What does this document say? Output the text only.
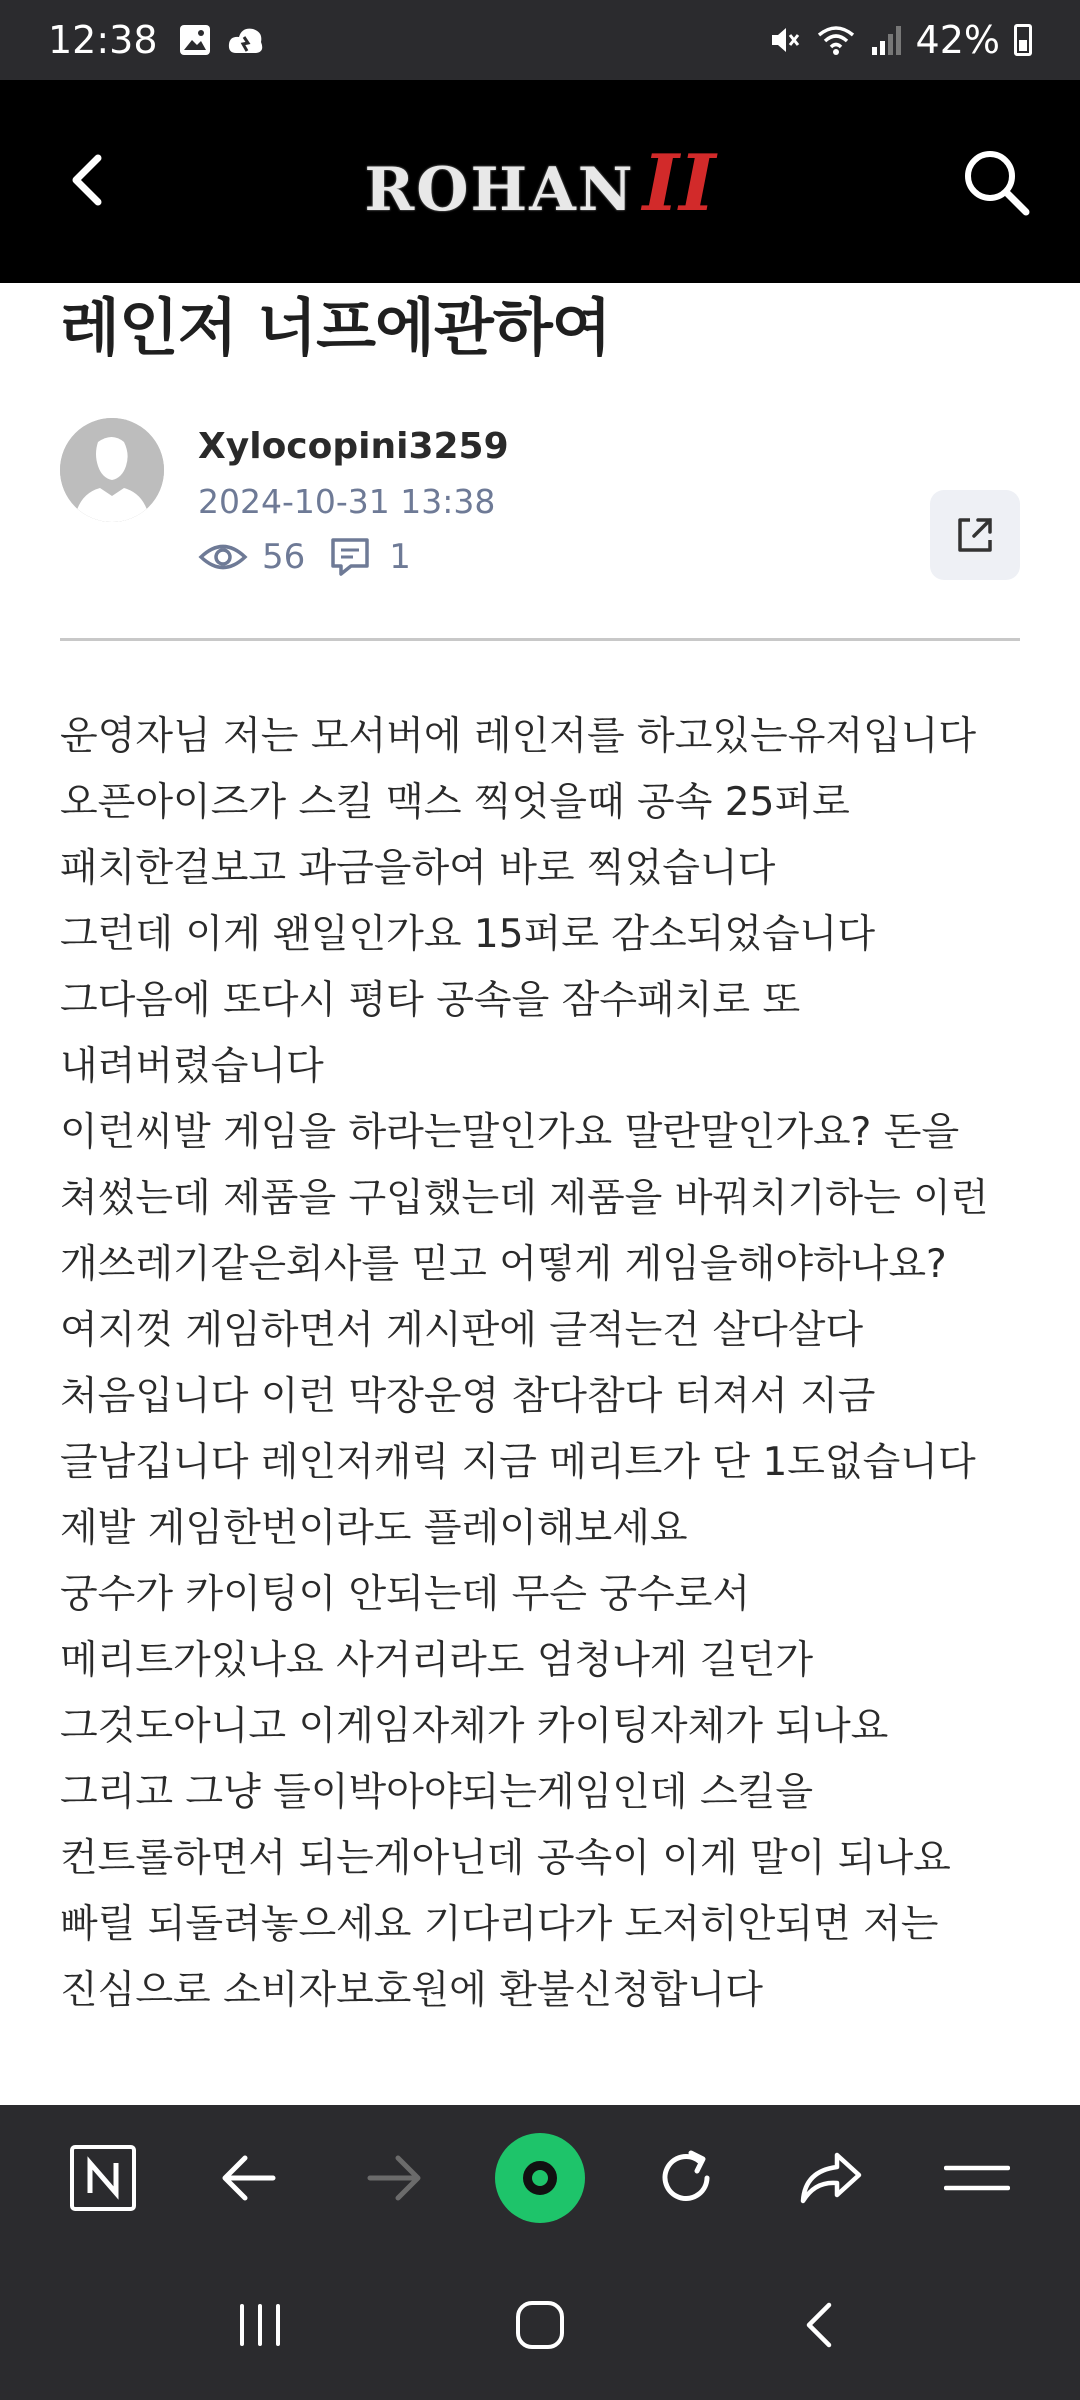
12:38	42%
ROHAN II
레인저 너프에관하여
Xylocopini3259
2024-10-31 13:38
56 1
운영자님 저는 모서버에 레인저를 하고있는유저입니다
오픈아이즈가 스킬 맥스 찍엇을때 공속 25퍼로
패치한걸보고 과금을하여 바로 찍었습니다
그런데 이게 왠일인가요 15퍼로 감소되었습니다
그다음에 또다시 평타 공속을 잠수패치로 또
내려버렸습니다
이런씨발 게임을 하라는말인가요 말란말인가요? 돈을
쳐썼는데 제품을 구입했는데 제품을 바꿔치기하는 이런
개쓰레기같은회사를 믿고 어떻게 게임을해야하나요?
여지껏 게임하면서 게시판에 글적는건 살다살다
처음입니다 이런 막장운영 참다참다 터져서 지금
글남깁니다 레인저캐릭 지금 메리트가 단 1도없습니다
제발 게임한번이라도 플레이해보세요
궁수가 카이팅이 안되는데 무슨 궁수로서
메리트가있나요 사거리라도 엄청나게 길던가
그것도아니고 이게임자체가 카이팅자체가 되나요
그리고 그냥 들이박아야되는게임인데 스킬을
컨트롤하면서 되는게아닌데 공속이 이게 말이 되나요
빠릴 되돌려놓으세요 기다리다가 도저히안되면 저는
진심으로 소비자보호원에 환불신청합니다
